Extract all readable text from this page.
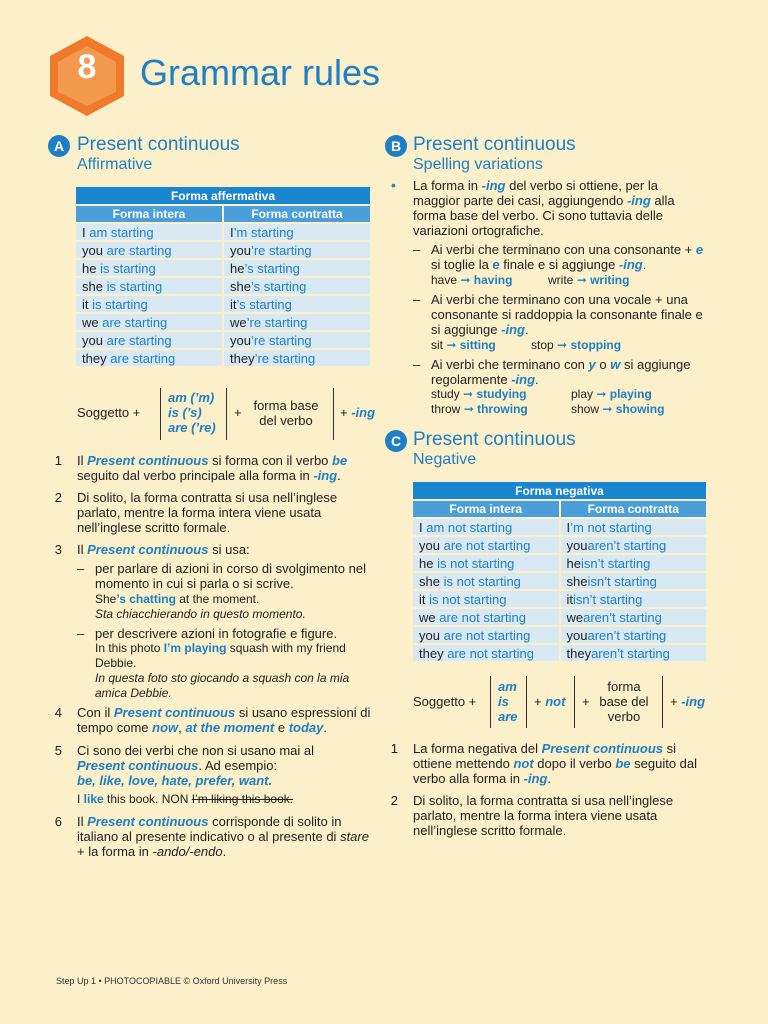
8	Grammar rules
A Present continuous
Affirmative
Forma affermativa	
Forma intera	Forma contratta
I am starting	I’m starting
you are starting	you’re starting
he is starting	he’s starting
she is starting	she’s starting
it is starting	it’s starting
we are starting	we’re starting
you are starting	you’re starting
they are starting	they’re starting
Soggetto +
am (’m)
is (’s)
are (’re)
+ forma base del verbo
+ -ing
1 Il Present continuous si forma con il verbo be seguito dal verbo principale alla forma in -ing.
2 Di solito, la forma contratta si usa nell’inglese parlato, mentre la forma intera viene usata nell’inglese scritto formale.
3 Il Present continuous si usa:
– per parlare di azioni in corso di svolgimento nel momento in cui si parla o si scrive.
She’s chatting at the moment.
Sta chiacchierando in questo momento.
– per descrivere azioni in fotografie e figure.
In this photo I’m playing squash with my friend Debbie.
In questa foto sto giocando a squash con la mia amica Debbie.
4 Con il Present continuous si usano espressioni di tempo come now, at the moment e today.
5 Ci sono dei verbi che non si usano mai al Present continuous. Ad esempio:
be, like, love, hate, prefer, want.
I like this book. NON I’m liking this book.
6 Il Present continuous corrisponde di solito in italiano al presente indicativo o al presente di stare + la forma in -ando/-endo.
B Present continuous
Spelling variations
• La forma in -ing del verbo si ottiene, per la maggior parte dei casi, aggiungendo -ing alla forma base del verbo. Ci sono tuttavia delle variazioni ortografiche.
– Ai verbi che terminano con una consonante + e si toglie la e finale e si aggiunge -ing.
have ➞ having	write ➞ writing
– Ai verbi che terminano con una vocale + una consonante si raddoppia la consonante finale e si aggiunge -ing.
sit ➞ sitting	stop ➞ stopping
– Ai verbi che terminano con y o w si aggiunge regolarmente -ing.
study ➞ studying	play ➞ playing
throw ➞ throwing	show ➞ showing
C Present continuous
Negative
Forma negativa	
Forma intera	Forma contratta
I am not starting	I’m not starting
you are not starting	youaren’t starting
he is not starting	heisn’t starting
she is not starting	sheisn’t starting
it is not starting	itisn’t starting
we are not starting	wearen’t starting
you are not starting	youaren’t starting
they are not starting	theyaren’t starting
Soggetto +
am
is
are
+ not +
forma base del verbo
+ -ing
1 La forma negativa del Present continuous si ottiene mettendo not dopo il verbo be seguito dal verbo alla forma in -ing.
2 Di solito, la forma contratta si usa nell’inglese parlato, mentre la forma intera viene usata nell’inglese scritto formale.
Step Up 1 • PHOTOCOPIABLE © Oxford University Press
